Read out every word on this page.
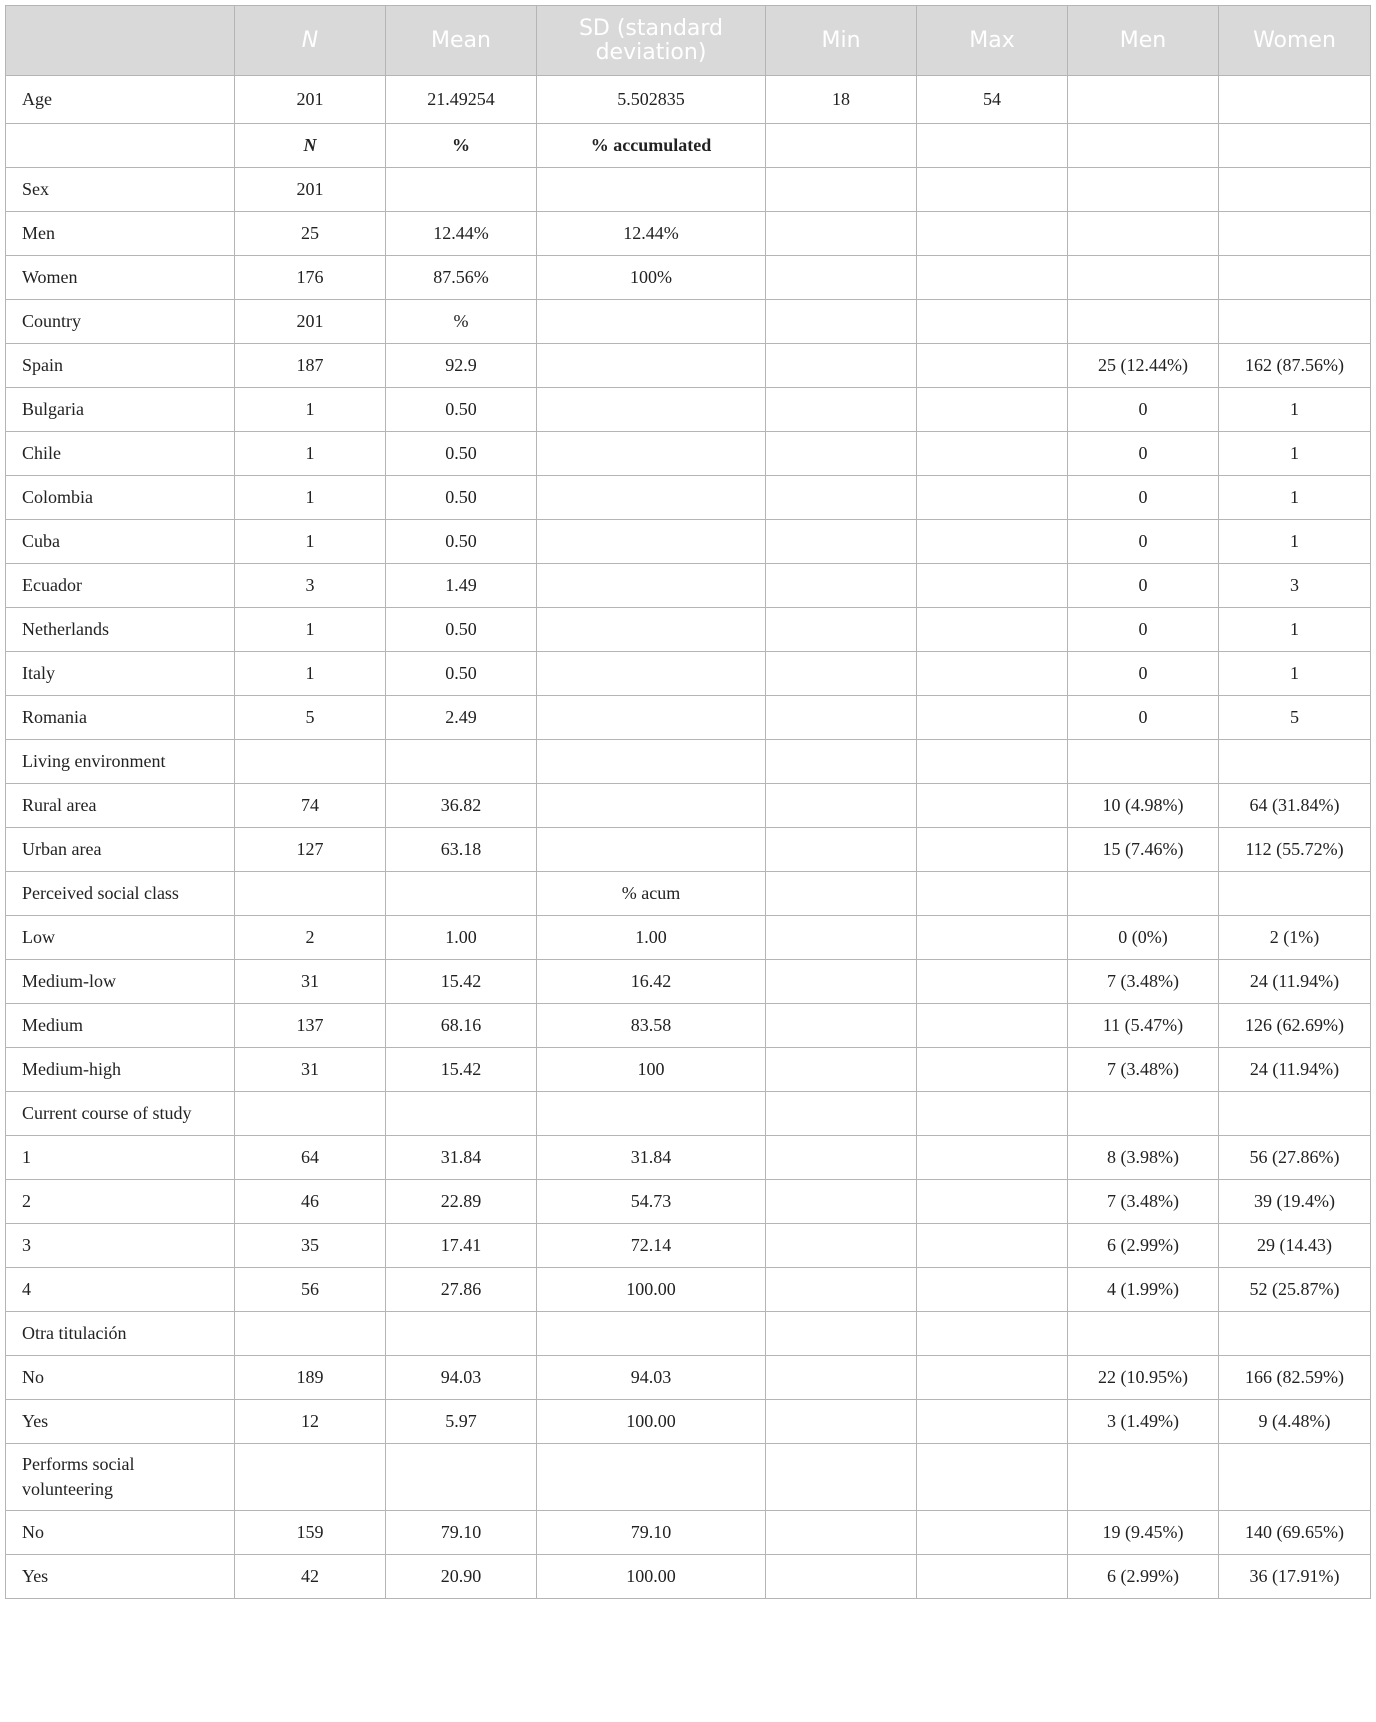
	N	Mean	SD (standard deviation)	Min	Max	Men	Women
Age	201	21.49254	5.502835	18	54		
	N	%	% accumulated				
Sex	201						
Men	25	12.44%	12.44%				
Women	176	87.56%	100%				
Country	201	%					
Spain	187	92.9				25 (12.44%)	162 (87.56%)
Bulgaria	1	0.50				0	1
Chile	1	0.50				0	1
Colombia	1	0.50				0	1
Cuba	1	0.50				0	1
Ecuador	3	1.49				0	3
Netherlands	1	0.50				0	1
Italy	1	0.50				0	1
Romania	5	2.49				0	5
Living environment							
Rural area	74	36.82				10 (4.98%)	64 (31.84%)
Urban area	127	63.18				15 (7.46%)	112 (55.72%)
Perceived social class			% acum				
Low	2	1.00	1.00			0 (0%)	2 (1%)
Medium-low	31	15.42	16.42			7 (3.48%)	24 (11.94%)
Medium	137	68.16	83.58			11 (5.47%)	126 (62.69%)
Medium-high	31	15.42	100			7 (3.48%)	24 (11.94%)
Current course of study							
1	64	31.84	31.84			8 (3.98%)	56 (27.86%)
2	46	22.89	54.73			7 (3.48%)	39 (19.4%)
3	35	17.41	72.14			6 (2.99%)	29 (14.43)
4	56	27.86	100.00			4 (1.99%)	52 (25.87%)
Otra titulación							
No	189	94.03	94.03			22 (10.95%)	166 (82.59%)
Yes	12	5.97	100.00			3 (1.49%)	9 (4.48%)
Performs social volunteering							
No	159	79.10	79.10			19 (9.45%)	140 (69.65%)
Yes	42	20.90	100.00			6 (2.99%)	36 (17.91%)
